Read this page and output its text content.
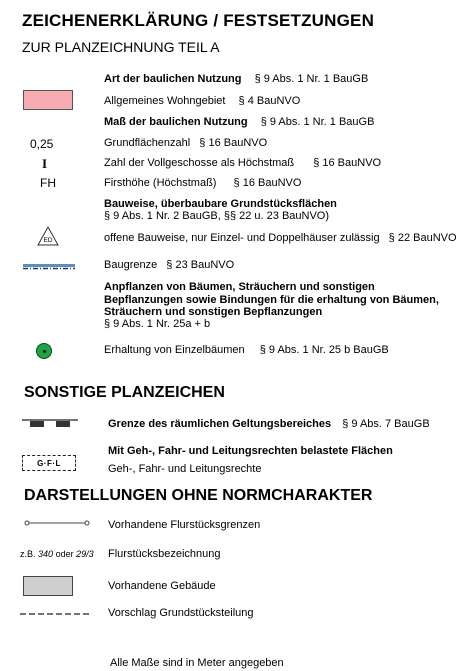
ZEICHENERKLÄRUNG / FESTSETZUNGEN
ZUR PLANZEICHNUNG TEIL A
Art der baulichen Nutzung § 9 Abs. 1 Nr. 1 BauGB
Allgemeines Wohngebiet § 4 BauNVO
Maß der baulichen Nutzung § 9 Abs. 1 Nr. 1 BauGB
0,25	Grundflächenzahl § 16 BauNVO
I	Zahl der Vollgeschosse als Höchstmaß § 16 BauNVO
FH	Firsthöhe (Höchstmaß) § 16 BauNVO
Bauweise, überbaubare Grundstücksflächen
§ 9 Abs. 1 Nr. 2 BauGB, §§ 22 u. 23 BauNVO)
ED	offene Bauweise, nur Einzel- und Doppelhäuser zulässig § 22 BauNVO
Baugrenze § 23 BauNVO
Anpflanzen von Bäumen, Sträuchern und sonstigen
Bepflanzungen sowie Bindungen für die erhaltung von Bäumen,
Sträuchern und sonstigen Bepflanzungen
§ 9 Abs. 1 Nr. 25a + b
Erhaltung von Einzelbäumen § 9 Abs. 1 Nr. 25 b BauGB
SONSTIGE PLANZEICHEN
Grenze des räumlichen Geltungsbereiches § 9 Abs. 7 BauGB
G·F·L
Mit Geh-, Fahr- und Leitungsrechten belastete Flächen
Geh-, Fahr- und Leitungsrechte
DARSTELLUNGEN OHNE NORMCHARAKTER
Vorhandene Flurstücksgrenzen
z.B. 340 oder 29/3 Flurstücksbezeichnung
Vorhandene Gebäude
Vorschlag Grundstücksteilung
Alle Maße sind in Meter angegeben
